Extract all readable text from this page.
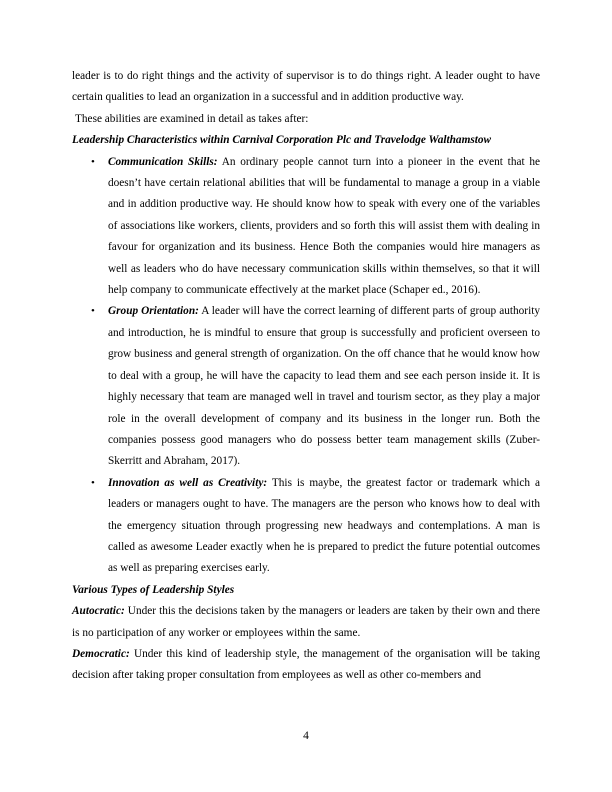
leader is to do right things and the activity of supervisor is to do things right. A leader ought to have certain qualities to lead an organization in a successful and in addition productive way.

These abilities are examined in detail as takes after:

Leadership Characteristics within Carnival Corporation Plc and Travelodge Walthamstow

• Communication Skills: An ordinary people cannot turn into a pioneer in the event that he doesn’t have certain relational abilities that will be fundamental to manage a group in a viable and in addition productive way. He should know how to speak with every one of the variables of associations like workers, clients, providers and so forth this will assist them with dealing in favour for organization and its business. Hence Both the companies would hire managers as well as leaders who do have necessary communication skills within themselves, so that it will help company to communicate effectively at the market place (Schaper ed., 2016).
• Group Orientation: A leader will have the correct learning of different parts of group authority and introduction, he is mindful to ensure that group is successfully and proficient overseen to grow business and general strength of organization. On the off chance that he would know how to deal with a group, he will have the capacity to lead them and see each person inside it. It is highly necessary that team are managed well in travel and tourism sector, as they play a major role in the overall development of company and its business in the longer run. Both the companies possess good managers who do possess better team management skills (Zuber-Skerritt and Abraham, 2017).
• Innovation as well as Creativity: This is maybe, the greatest factor or trademark which a leaders or managers ought to have. The managers are the person who knows how to deal with the emergency situation through progressing new headways and contemplations. A man is called as awesome Leader exactly when he is prepared to predict the future potential outcomes as well as preparing exercises early.

Various Types of Leadership Styles

Autocratic: Under this the decisions taken by the managers or leaders are taken by their own and there is no participation of any worker or employees within the same.

Democratic: Under this kind of leadership style, the management of the organisation will be taking decision after taking proper consultation from employees as well as other co-members and

4
